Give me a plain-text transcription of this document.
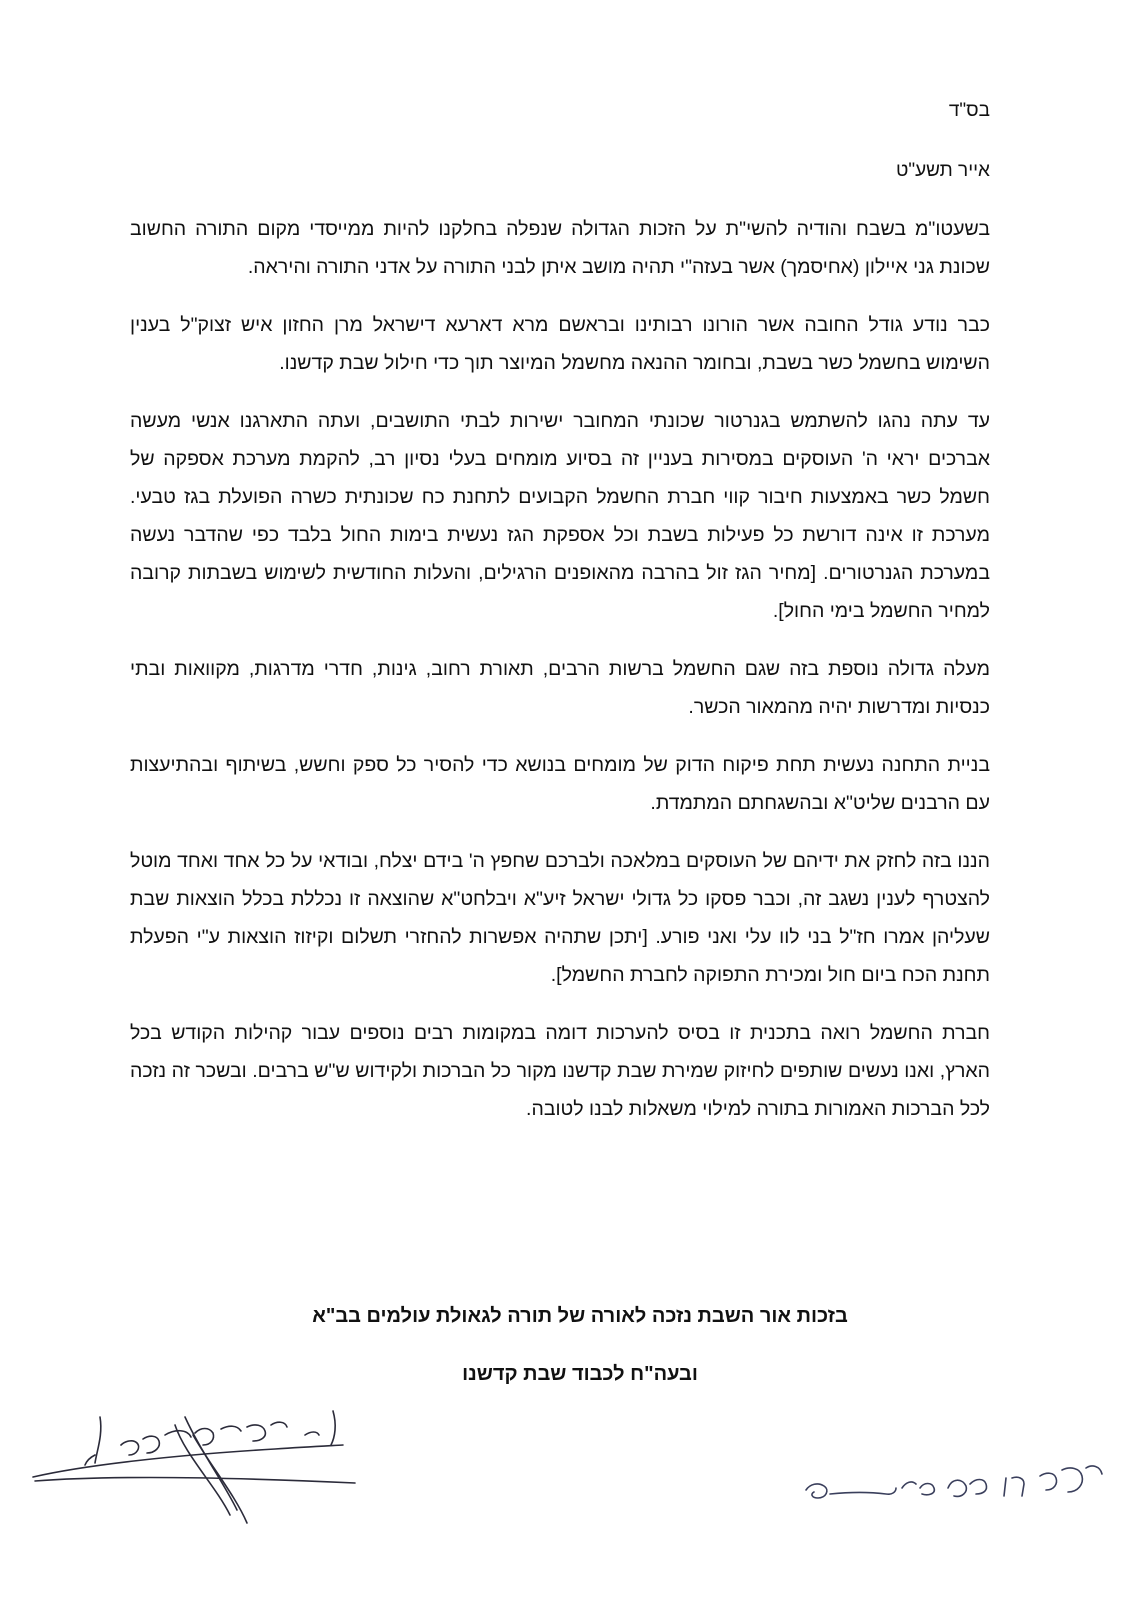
בס"ד
אייר תשע"ט

בשעטו"מ בשבח והודיה להשי"ת על הזכות הגדולה שנפלה בחלקנו להיות ממייסדי מקום התורה החשוב שכונת גני איילון (אחיסמך) אשר בעזה"י תהיה מושב איתן לבני התורה על אדני התורה והיראה.

כבר נודע גודל החובה אשר הורונו רבותינו ובראשם מרא דארעא דישראל מרן החזון איש זצוק"ל בענין השימוש בחשמל כשר בשבת, ובחומר ההנאה מחשמל המיוצר תוך כדי חילול שבת קדשנו.

עד עתה נהגו להשתמש בגנרטור שכונתי המחובר ישירות לבתי התושבים, ועתה התארגנו אנשי מעשה אברכים יראי ה' העוסקים במסירות בעניין זה בסיוע מומחים בעלי נסיון רב, להקמת מערכת אספקה של חשמל כשר באמצעות חיבור קווי חברת החשמל הקבועים לתחנת כח שכונתית כשרה הפועלת בגז טבעי. מערכת זו אינה דורשת כל פעילות בשבת וכל אספקת הגז נעשית בימות החול בלבד כפי שהדבר נעשה במערכת הגנרטורים. [מחיר הגז זול בהרבה מהאופנים הרגילים, והעלות החודשית לשימוש בשבתות קרובה למחיר החשמל בימי החול].

מעלה גדולה נוספת בזה שגם החשמל ברשות הרבים, תאורת רחוב, גינות, חדרי מדרגות, מקוואות ובתי כנסיות ומדרשות יהיה מהמאור הכשר.

בניית התחנה נעשית תחת פיקוח הדוק של מומחים בנושא כדי להסיר כל ספק וחשש, בשיתוף ובהתיעצות עם הרבנים שליט"א ובהשגחתם המתמדת.

הננו בזה לחזק את ידיהם של העוסקים במלאכה ולברכם שחפץ ה' בידם יצלח, ובודאי על כל אחד ואחד מוטל להצטרף לענין נשגב זה, וכבר פסקו כל גדולי ישראל זיע"א ויבלחט"א שהוצאה זו נכללת בכלל הוצאות שבת שעליהן אמרו חז"ל בני לוו עלי ואני פורע. [יתכן שתהיה אפשרות להחזרי תשלום וקיזוז הוצאות ע"י הפעלת תחנת הכח ביום חול ומכירת התפוקה לחברת החשמל].

חברת החשמל רואה בתכנית זו בסיס להערכות דומה במקומות רבים נוספים עבור קהילות הקודש בכל הארץ, ואנו נעשים שותפים לחיזוק שמירת שבת קדשנו מקור כל הברכות ולקידוש ש"ש ברבים. ובשכר זה נזכה לכל הברכות האמורות בתורה למילוי משאלות לבנו לטובה.

בזכות אור השבת נזכה לאורה של תורה לגאולת עולמים בב"א
ובעה"ח לכבוד שבת קדשנו
